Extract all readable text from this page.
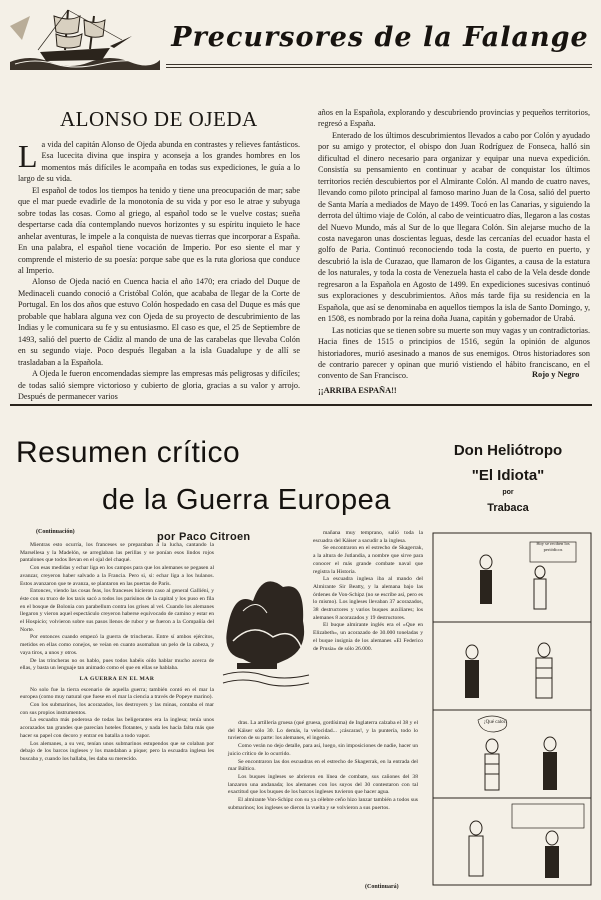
Precursores de la Falange
ALONSO DE OJEDA

La vida del capitán Alonso de Ojeda abunda en contrastes y relieves fantásticos. Esa lucecita divina que inspira y aconseja a los grandes hombres en los momentos más difíciles le acompaña en todas sus expediciones, le guía a lo largo de su vida.

El español de todos los tiempos ha tenido y tiene una preocupación de mar; sabe que el mar puede evadirle de la monotonía de su vida y por eso le atrae y subyuga sobre todas las cosas. Como al griego, al español todo se le vuelve costas; sueña despertarse cada día contemplando nuevos horizontes y su espíritu inquieto le hace anhelar aventuras, le impele a la conquista de nuevas tierras que incorporar a España. En una palabra, el español tiene vocación de Imperio. Por eso siente el mar y comprende el misterio de su poesía: porque sabe que es la ruta gloriosa que conduce al Imperio.

Alonso de Ojeda nació en Cuenca hacia el año 1470; era criado del Duque de Medinaceli cuando conoció a Cristóbal Colón, que acababa de llegar de la Corte de Portugal. En los dos años que estuvo Colón hospedado en casa del Duque es más que probable que hablara alguna vez con Ojeda de su proyecto de descubrimiento de las Indias y le comunicara su fe y su entusiasmo. El caso es que, el 25 de Septiembre de 1493, salió del puerto de Cádiz al mando de una de las carabelas que llevaba Colón en su segundo viaje. Poco después llegaban a la isla Guadalupe y de allí se trasladaban a la Española.

A Ojeda le fueron encomendadas siempre las empresas más peligrosas y difíciles; de todas salió siempre victorioso y cubierto de gloria, gracias a su valor y arrojo. Después de permanecer varios

años en la Española, explorando y descubriendo provincias y pequeños territorios, regresó a España.

Enterado de los últimos descubrimientos llevados a cabo por Colón y ayudado por su amigo y protector, el obispo don Juan Rodríguez de Fonseca, halló sin dificultad el dinero necesario para organizar y equipar una nueva expedición. Consistía su pensamiento en continuar y acabar de conquistar los últimos territorios recién descubiertos por el Almirante Colón. Al mando de cuatro naves, llevando como piloto principal al famoso marino Juan de la Cosa, salió del puerto de Santa María a mediados de Mayo de 1499. Tocó en las Canarias, y siguiendo la derrota del último viaje de Colón, al cabo de veinticuatro días, llegaron a las costas del Nuevo Mundo, más al Sur de lo que llegara Colón. Sin alejarse mucho de la costa navegaron unas doscientas leguas, desde las cercanías del ecuador hasta el golfo de Paria. Continuó reconociendo toda la costa, de puerto en puerto, y descubrió la isla de Curazao, que llamaron de los Gigantes, a causa de la estatura de los naturales, y toda la costa de Venezuela hasta el cabo de la Vela desde donde regresaron a la Española en Agosto de 1499. En expediciones sucesivas continuó sus exploraciones y descubrimientos. Años más tarde fija su residencia en la Española, que así se denominaba en aquellos tiempos la isla de Santo Domingo, y, en 1508, es nombrado por la reina doña Juana, capitán y gobernador de Urabá.

Las noticias que se tienen sobre su muerte son muy vagas y un contradictorias. Hacia fines de 1515 o principios de 1516, según la opinión de algunos historiadores, murió asesinado a manos de sus enemigos. Otros historiadores son de contrario parecer y opinan que murió vistiendo el hábito franciscano, en el convento de San Francisco.

¡¡ARRIBA ESPAÑA!!
Rojo y Negro
Resumen crítico
de la Guerra Europea
por Paco Citroen
Don Heliótropo
"El Idiota"
por
Trabaca
(Continuación)

Mientras esto ocurría, los franceses se preparaban a la lucha, cantando la Marsellesa y la Madelón, se arreglaban las perillas y se ponían esos lindos rojos pantalones que todos llevan en el ojal del chaqué.

Con esas medidas y echar liga en los campos para que los alemanes se pegasen al avanzar, creyeron haber salvado a la Francia. Pero si, si: echar liga a los hulanos. Estos avanzaron que te avanza, se plantaron en las puertas de París.

Entonces, viendo las cosas feas, los franceses hicieron caso al general Galliéni, y éste con su truco de los taxis sacó a todos los parisinos de la capital y los puso en fila en el bosque de Bolonia con parabellum contra los grises al vel. Cuando los alemanes llegaron y vieron aquel espectáculo creyeron haberse equivocado de camino y estar en el Hospicio; volvieron sobre sus pasos llenos de rubor y se fueron a la Compañía del Norte.

Por entonces cuando empezó la guerra de trincheras. Entre sí ambos ejércitos, metidos en ellas como conejos, se veían en cuanto asomaban un pelo de la cabeza, y vaya tiros, a unos y otros.

De las trincheras no os hablo, pues todos habéis oído hablar mucho acerca de ellas, y basta un lenguaje tan animado como el que en ellas se hablaba.

LA GUERRA EN EL MAR

No solo fue la tierra escenario de aquella guerra; también contó en el mar la europea (como muy natural que fuese en el mar la ciencia a través de Popeye marino).

Con los submarinos, los acorazados, los destroyers y las minas, contaba el mar con sus propios instrumentos.

La escuadra más poderosa de todas las beligerantes era la inglesa; tenía unos acorazados tan grandes que parecían hoteles flotantes, y nada les hacía falta más que hacer su papel con decoro y entrar en batalla a todo vapor.

Los alemanes, a su vez, tenían unos submarinos estupendos que se colaban por debajo de los barcos ingleses y los mandaban a pique; pero la escuadra inglesa les buscaba y, cuando los hallaba, les daba su merecido.

mañana muy temprano, salió toda la escuadra del Káiser a sacudir a la inglesa.

Se encontraron en el estrecho de Skagerrak, a la altura de Jutlandia, a nombre que sirve para conocer el más grande combate naval que registra la Historia.

La escuadra inglesa iba al mando del Almirante Sir Beatty, y la alemana bajo las órdenes de Von-Schipz (no se escribe así, pero es lo mismo). Los ingleses llevaban 37 acorazados, 38 destructores y varios buques auxiliares; los alemanes 8 acorazados y 19 destructores.

El buque almirante inglés era el «Que en Elizabeth», un acorazado de 30.000 toneladas y el buque insignia de los alemanes «El Federico de Prusia» de sólo 26.000.

dras. La artillería gruesa (qué gruesa, gordísima) de Inglaterra calzaba el 38 y el del Káiser sólo 30. Lo demás, la velocidad... ¡cáscaras!, y la puntería, todo lo tuvieron de su parte: los alemanes, el ingenio.

Como verán no dejo detalle, para así, luego, sin imposiciones de nadie, hacer un juicio crítico de lo ocurrido.

Se encontraron las dos escuadras en el estrecho de Skagerrak, en la entrada del mar Báltico.

Los buques ingleses se abrieron en línea de combate, sus cañones del 38 lanzaron una andanada; los alemanes con los suyos del 30 contestaron con tal exactitud que los buques de los barcos ingleses tuvieron que hacer agua.

El almirante Von-Schipz con su ya célebre ceño hizo lanzar también a todos sus submarinos; los ingleses se dieron la vuelta y se volvieron a sus puertos.

(Continuará)
Hoy se reciben los periódicos
¡Qué calor!
